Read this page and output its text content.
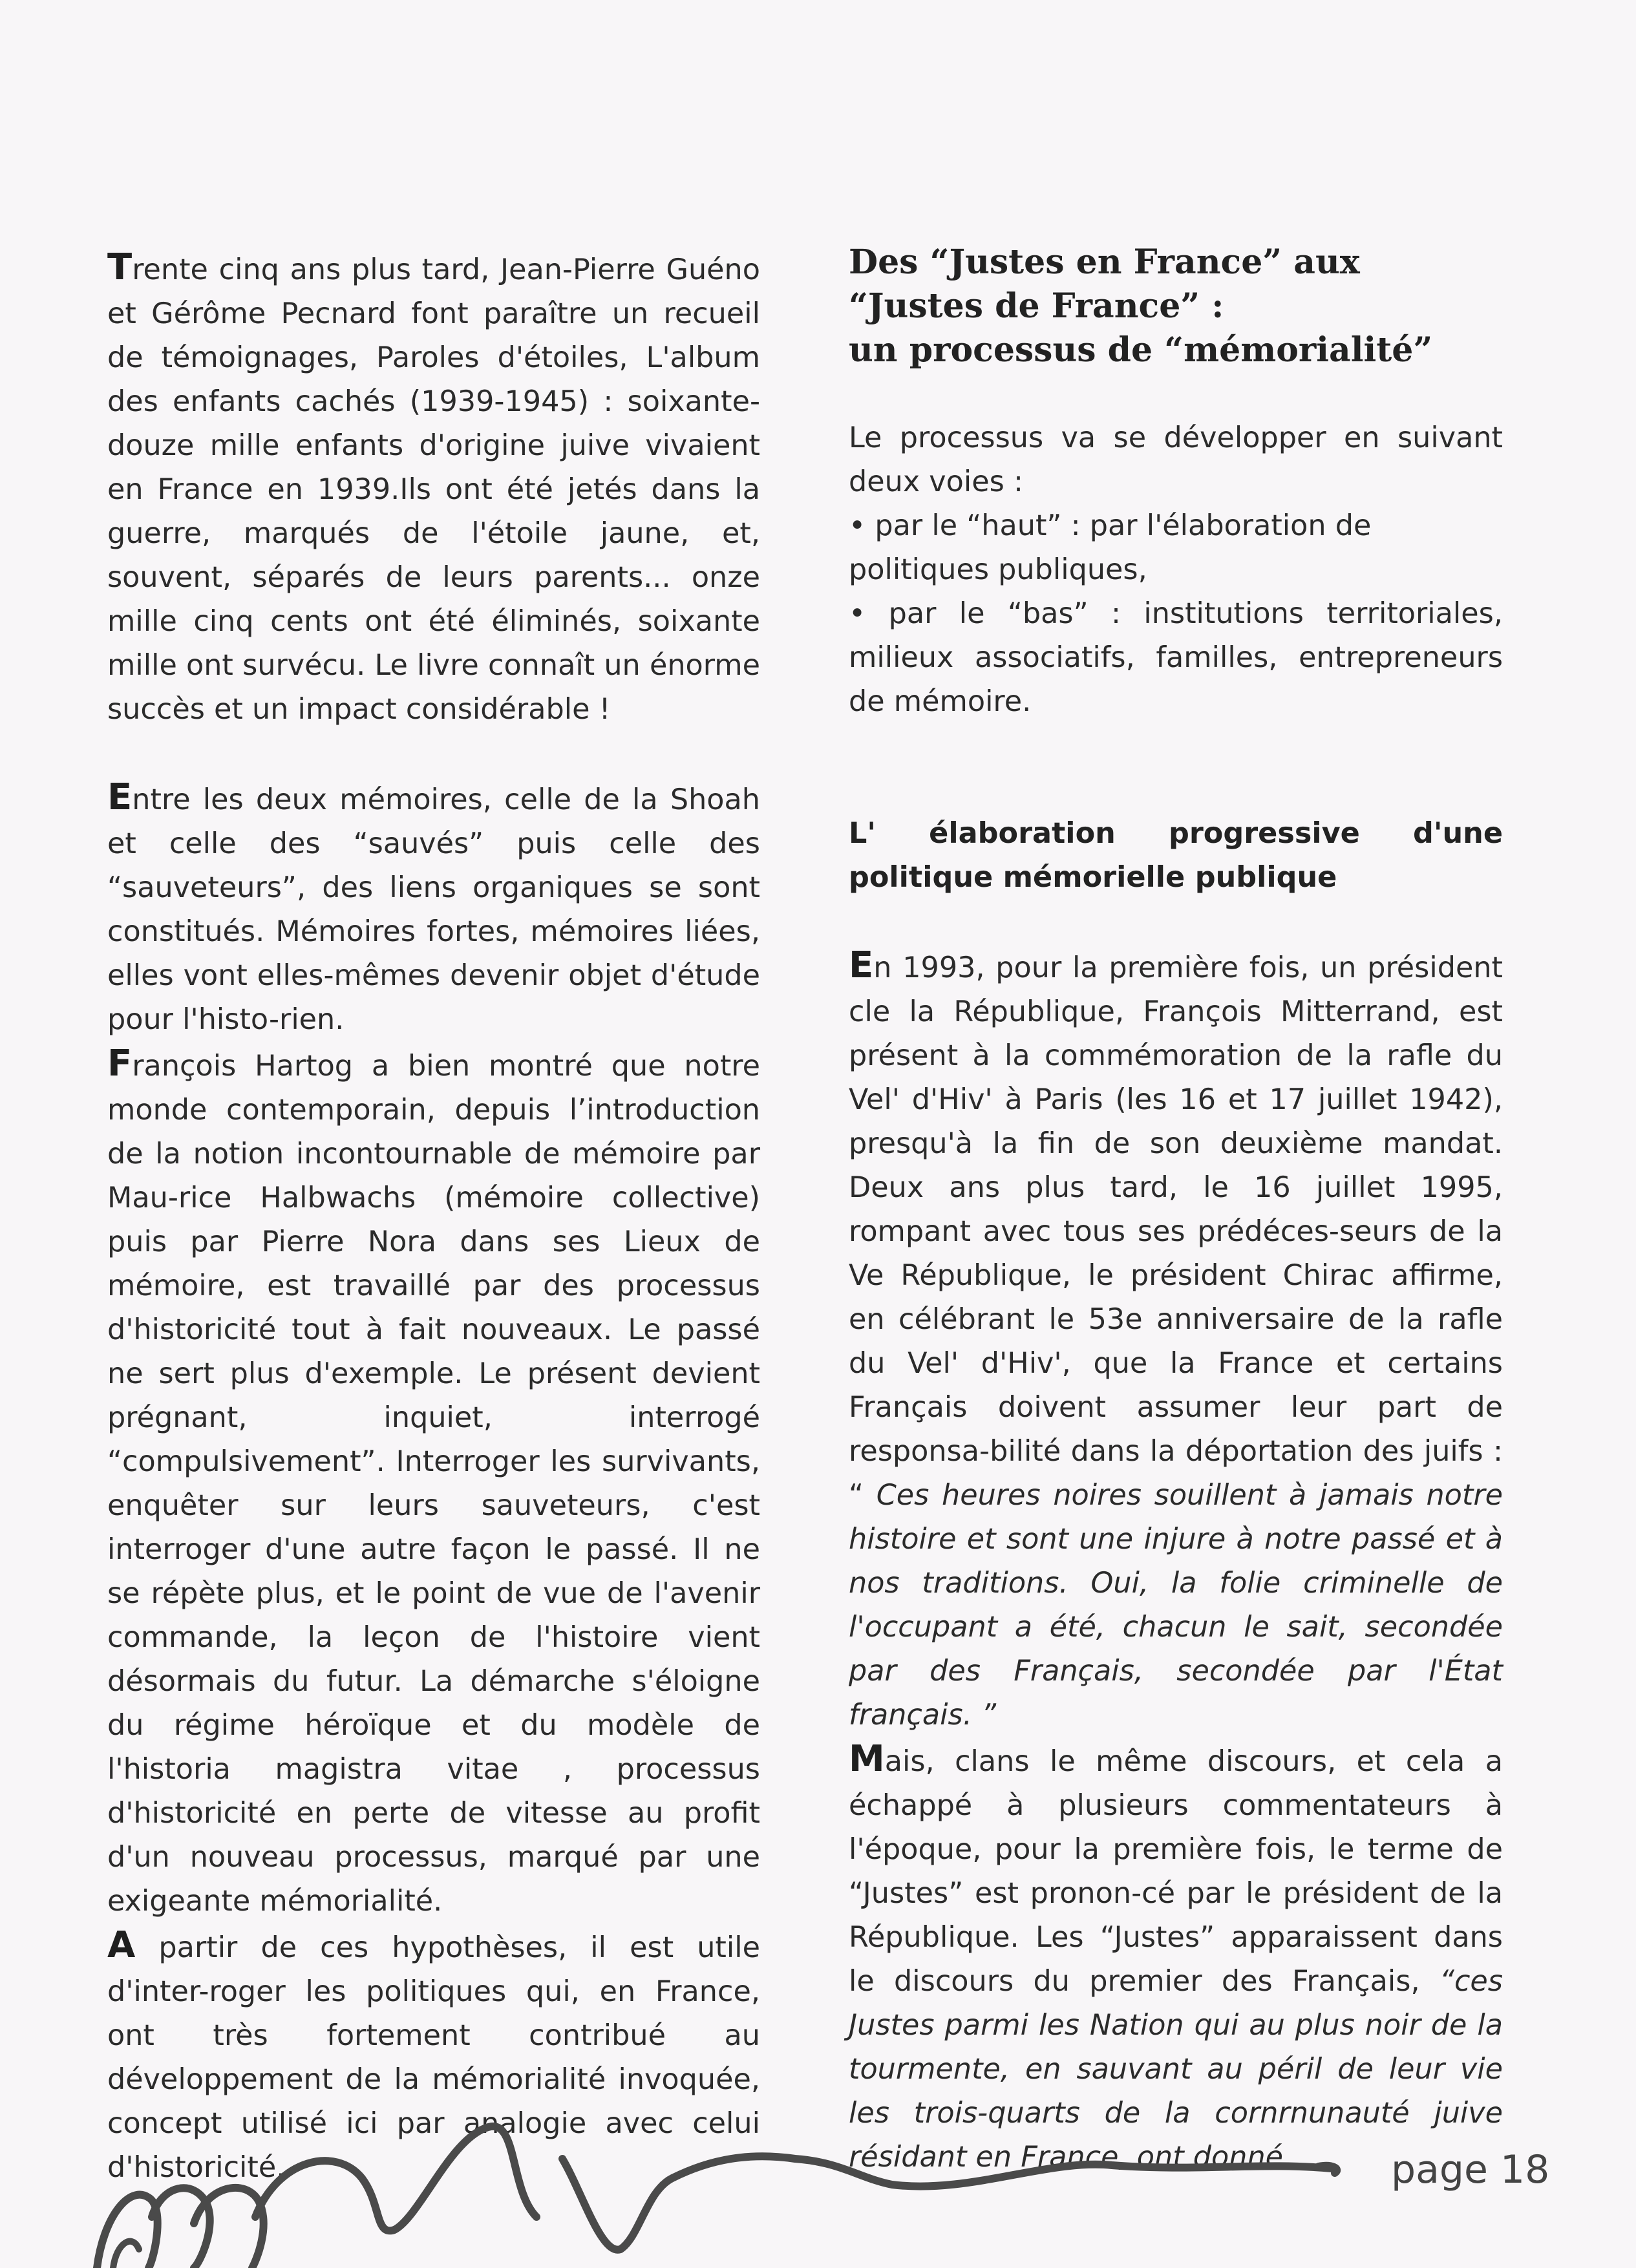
Trente cinq ans plus tard, Jean-Pierre Guéno et Gérôme Pecnard font paraître un recueil de témoignages, Paroles d'étoiles, L'album des enfants cachés (1939-1945) : soixante-douze mille enfants d'origine juive vivaient en France en 1939.Ils ont été jetés dans la guerre, marqués de l'étoile jaune, et, souvent, séparés de leurs parents... onze mille cinq cents ont été éliminés, soixante mille ont survécu. Le livre connaît un énorme succès et un impact considérable !

Entre les deux mémoires, celle de la Shoah et celle des “sauvés” puis celle des “sauveteurs”, des liens organiques se sont constitués. Mémoires fortes, mémoires liées, elles vont elles-mêmes devenir objet d'étude pour l'histo-rien.

François Hartog a bien montré que notre monde contemporain, depuis l’introduction de la notion incontournable de mémoire par Mau-rice Halbwachs (mémoire collective) puis par Pierre Nora dans ses Lieux de mémoire, est travaillé par des processus d'historicité tout à fait nouveaux. Le passé ne sert plus d'exemple. Le présent devient prégnant, inquiet, interrogé “compulsivement”. Interroger les survivants, enquêter sur leurs sauveteurs, c'est interroger d'une autre façon le passé. Il ne se répète plus, et le point de vue de l'avenir commande, la leçon de l'histoire vient désormais du futur. La démarche s'éloigne du régime héroïque et du modèle de l'historia magistra vitae , processus d'historicité en perte de vitesse au profit d'un nouveau processus, marqué par une exigeante mémorialité.

A partir de ces hypothèses, il est utile d'inter-roger les politiques qui, en France, ont très fortement contribué au développement de la mémorialité invoquée, concept utilisé ici par analogie avec celui d'historicité.

Des “Justes en France” aux “Justes de France” :
un processus de “mémorialité”

Le processus va se développer en suivant deux voies :

• par le “haut” : par l'élaboration de politiques publiques,

• par le “bas” : institutions territoriales, milieux associatifs, familles, entrepreneurs de mémoire.

L' élaboration progressive d'une politique mémorielle publique

En 1993, pour la première fois, un président cle la République, François Mitterrand, est présent à la commémoration de la rafle du Vel' d'Hiv' à Paris (les 16 et 17 juillet 1942), presqu'à la fin de son deuxième mandat. Deux ans plus tard, le 16 juillet 1995, rompant avec tous ses prédéces-seurs de la Ve République, le président Chirac affirme, en célébrant le 53e anniversaire de la rafle du Vel' d'Hiv', que la France et certains Français doivent assumer leur part de responsa-bilité dans la déportation des juifs : “ Ces heures noires souillent à jamais notre histoire et sont une injure à notre passé et à nos traditions. Oui, la folie criminelle de l'occupant a été, chacun le sait, secondée par des Français, secondée par l'État français. ”

Mais, clans le même discours, et cela a échappé à plusieurs commentateurs à l'époque, pour la première fois, le terme de “Justes” est pronon-cé par le président de la République. Les “Justes” apparaissent dans le discours du premier des Français, “ces Justes parmi les Nation qui au plus noir de la tourmente, en sauvant au péril de leur vie les trois-quarts de la cornrnunauté juive résidant en France, ont donné	page 18
